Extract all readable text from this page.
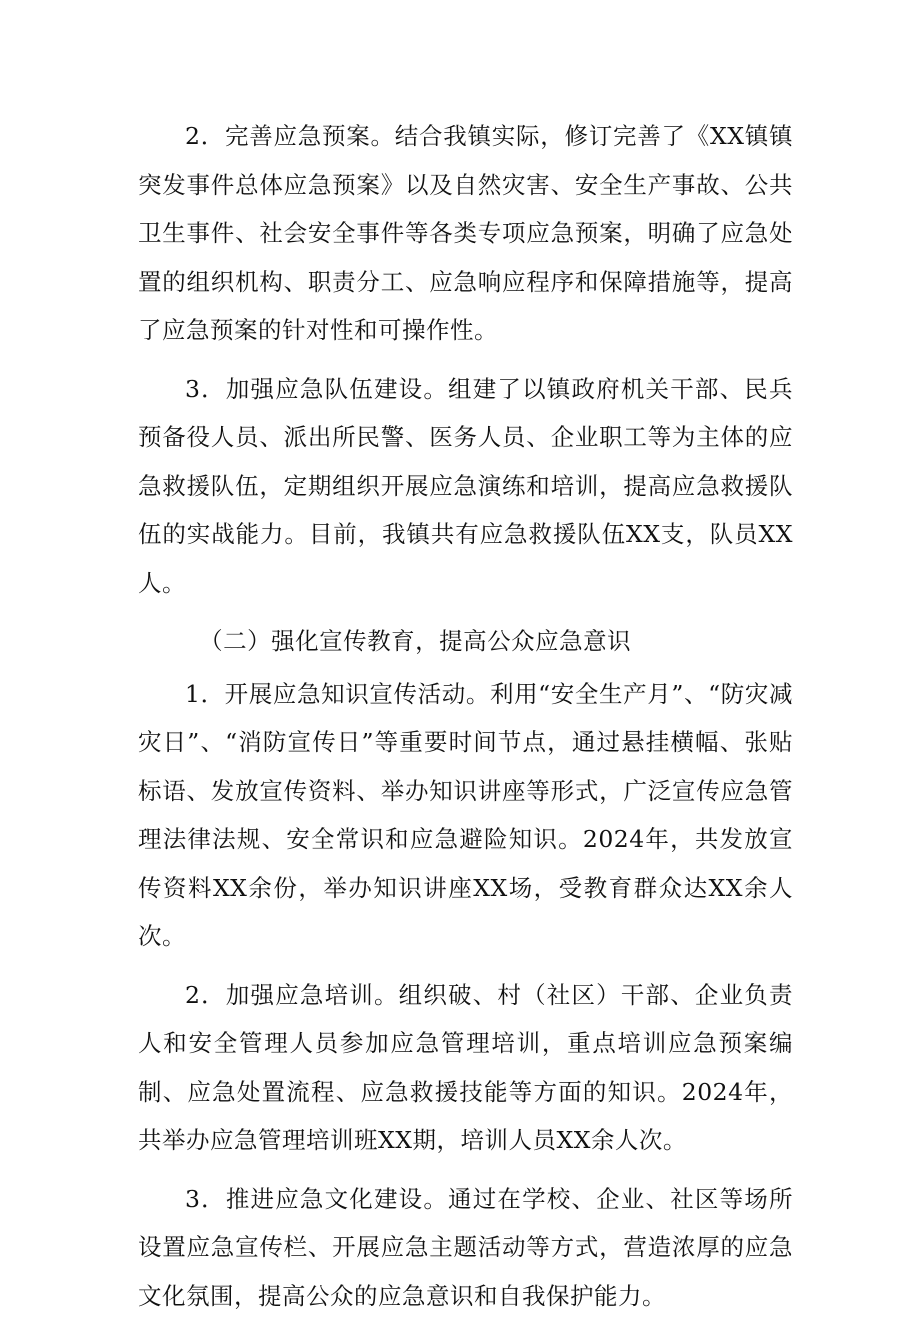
2．完善应急预案。结合我镇实际，修订完善了《XX镇镇突发事件总体应急预案》以及自然灾害、安全生产事故、公共卫生事件、社会安全事件等各类专项应急预案，明确了应急处置的组织机构、职责分工、应急响应程序和保障措施等，提高了应急预案的针对性和可操作性。

3．加强应急队伍建设。组建了以镇政府机关干部、民兵预备役人员、派出所民警、医务人员、企业职工等为主体的应急救援队伍，定期组织开展应急演练和培训，提高应急救援队伍的实战能力。目前，我镇共有应急救援队伍XX支，队员XX人。

（二）强化宣传教育，提高公众应急意识

1．开展应急知识宣传活动。利用“安全生产月”、“防灾减灾日”、“消防宣传日”等重要时间节点，通过悬挂横幅、张贴标语、发放宣传资料、举办知识讲座等形式，广泛宣传应急管理法律法规、安全常识和应急避险知识。2024年，共发放宣传资料XX余份，举办知识讲座XX场，受教育群众达XX余人次。

2．加强应急培训。组织破、村（社区）干部、企业负责人和安全管理人员参加应急管理培训，重点培训应急预案编制、应急处置流程、应急救援技能等方面的知识。2024年，共举办应急管理培训班XX期，培训人员XX余人次。

3．推进应急文化建设。通过在学校、企业、社区等场所设置应急宣传栏、开展应急主题活动等方式，营造浓厚的应急文化氛围，提高公众的应急意识和自我保护能力。
